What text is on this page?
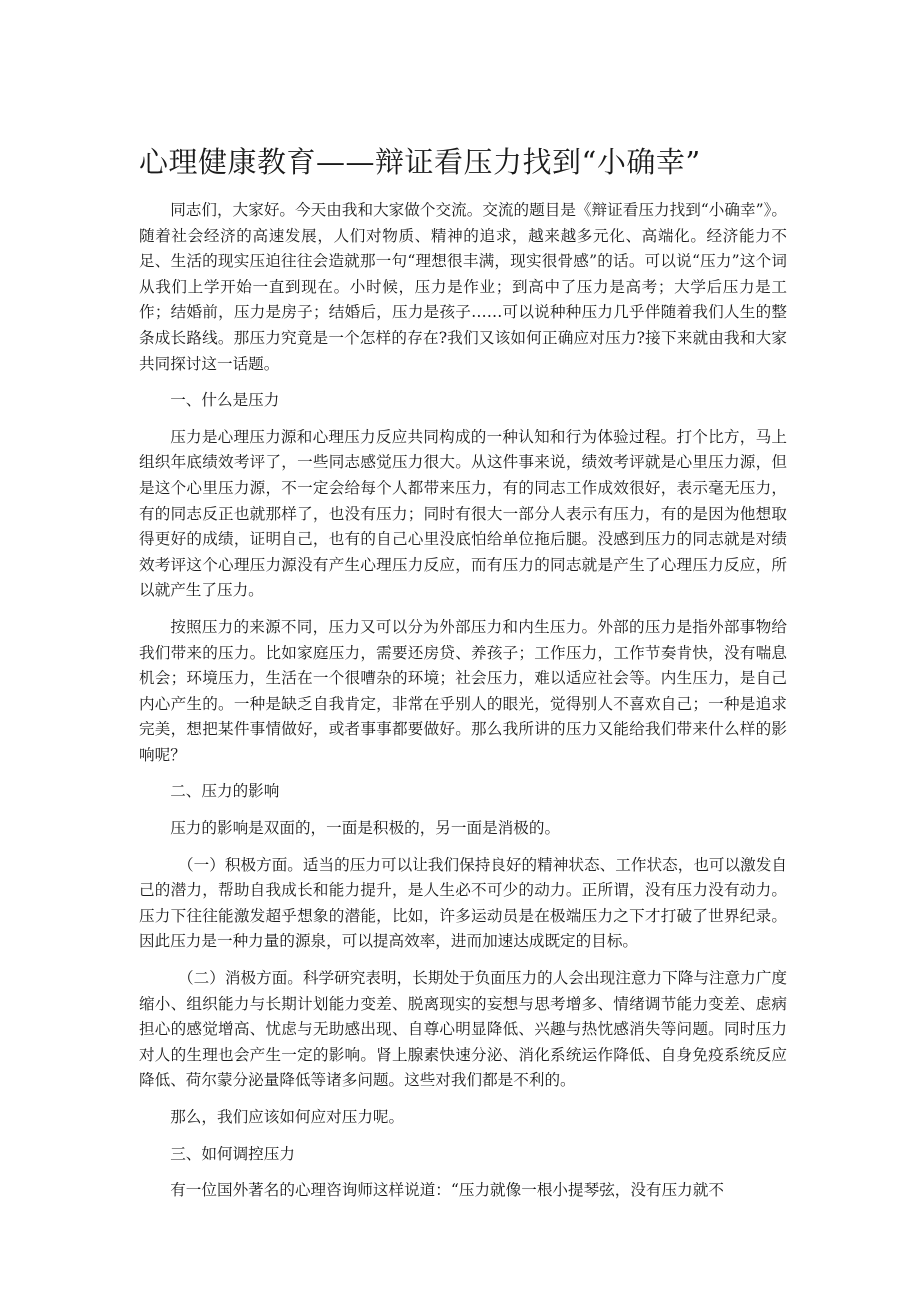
心理健康教育——辩证看压力找到“小确幸”

同志们，大家好。今天由我和大家做个交流。交流的题目是《辩证看压力找到“小确幸”》。随着社会经济的高速发展，人们对物质、精神的追求，越来越多元化、高端化。经济能力不足、生活的现实压迫往往会造就那一句“理想很丰满，现实很骨感”的话。可以说“压力”这个词从我们上学开始一直到现在。小时候，压力是作业；到高中了压力是高考；大学后压力是工作；结婚前，压力是房子；结婚后，压力是孩子……可以说种种压力几乎伴随着我们人生的整条成长路线。那压力究竟是一个怎样的存在?我们又该如何正确应对压力?接下来就由我和大家共同探讨这一话题。

一、什么是压力

压力是心理压力源和心理压力反应共同构成的一种认知和行为体验过程。打个比方，马上组织年底绩效考评了，一些同志感觉压力很大。从这件事来说，绩效考评就是心里压力源，但是这个心里压力源，不一定会给每个人都带来压力，有的同志工作成效很好，表示毫无压力，有的同志反正也就那样了，也没有压力；同时有很大一部分人表示有压力，有的是因为他想取得更好的成绩，证明自己，也有的自己心里没底怕给单位拖后腿。没感到压力的同志就是对绩效考评这个心理压力源没有产生心理压力反应，而有压力的同志就是产生了心理压力反应，所以就产生了压力。

按照压力的来源不同，压力又可以分为外部压力和内生压力。外部的压力是指外部事物给我们带来的压力。比如家庭压力，需要还房贷、养孩子；工作压力，工作节奏肯快，没有喘息机会；环境压力，生活在一个很嘈杂的环境；社会压力，难以适应社会等。内生压力，是自己内心产生的。一种是缺乏自我肯定，非常在乎别人的眼光，觉得别人不喜欢自己；一种是追求完美，想把某件事情做好，或者事事都要做好。那么我所讲的压力又能给我们带来什么样的影响呢？

二、压力的影响

压力的影响是双面的，一面是积极的，另一面是消极的。

（一）积极方面。适当的压力可以让我们保持良好的精神状态、工作状态，也可以激发自己的潜力，帮助自我成长和能力提升，是人生必不可少的动力。正所谓，没有压力没有动力。压力下往往能激发超乎想象的潜能，比如，许多运动员是在极端压力之下才打破了世界纪录。因此压力是一种力量的源泉，可以提高效率，进而加速达成既定的目标。

（二）消极方面。科学研究表明，长期处于负面压力的人会出现注意力下降与注意力广度缩小、组织能力与长期计划能力变差、脱离现实的妄想与思考增多、情绪调节能力变差、虑病担心的感觉增高、忧虑与无助感出现、自尊心明显降低、兴趣与热忱感消失等问题。同时压力对人的生理也会产生一定的影响。肾上腺素快速分泌、消化系统运作降低、自身免疫系统反应降低、荷尔蒙分泌量降低等诸多问题。这些对我们都是不利的。

那么，我们应该如何应对压力呢。

三、如何调控压力

有一位国外著名的心理咨询师这样说道：“压力就像一根小提琴弦，没有压力就不
